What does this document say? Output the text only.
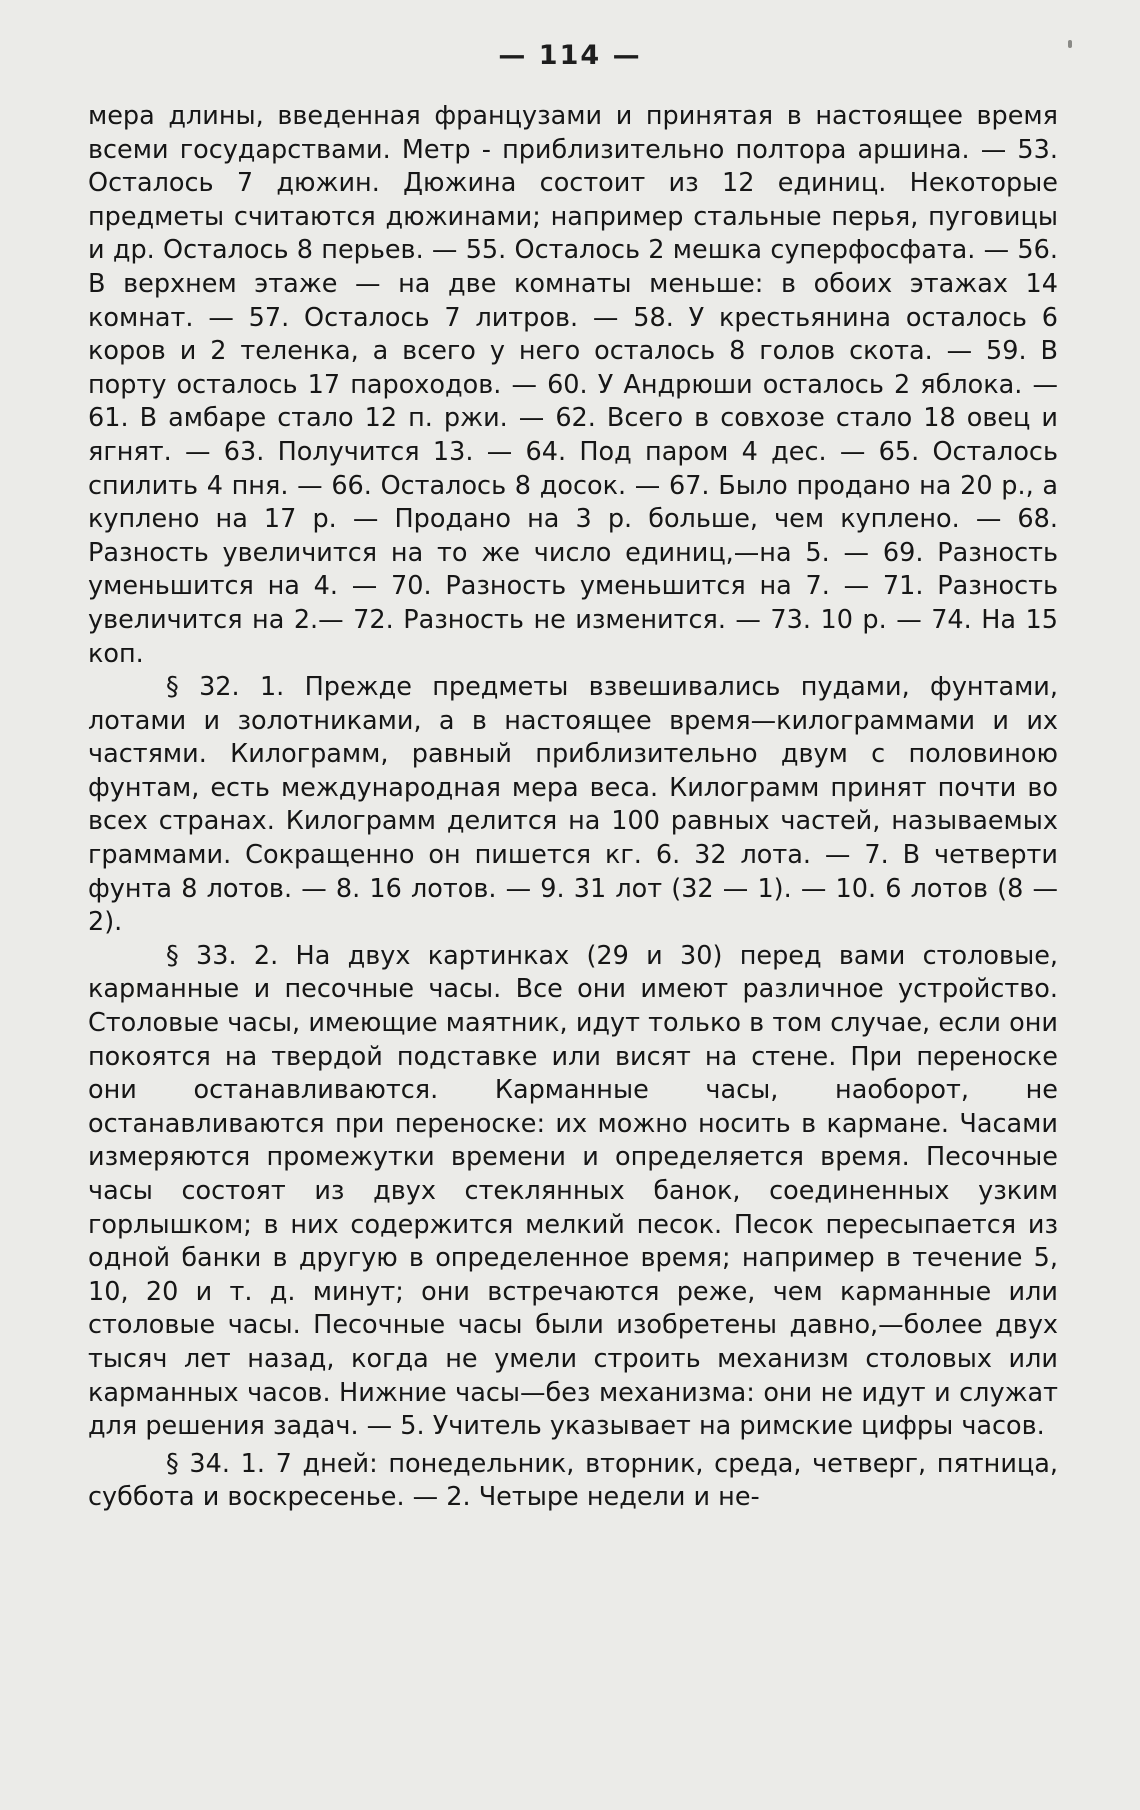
— 114 —

мера длины, введенная французами и принятая в настоящее время всеми государствами. Метр - приблизительно полтора аршина. — 53. Осталось 7 дюжин. Дюжина состоит из 12 единиц. Некоторые предметы считаются дюжинами; например стальные перья, пуговицы и др. Осталось 8 перьев. — 55. Осталось 2 мешка суперфосфата. — 56. В верхнем этаже — на две комнаты меньше: в обоих этажах 14 комнат. — 57. Осталось 7 литров. — 58. У крестьянина осталось 6 коров и 2 теленка, а всего у него осталось 8 голов скота. — 59. В порту осталось 17 пароходов. — 60. У Андрюши осталось 2 яблока. — 61. В амбаре стало 12 п. ржи. — 62. Всего в совхозе стало 18 овец и ягнят. — 63. Получится 13. — 64. Под паром 4 дес. — 65. Осталось спилить 4 пня. — 66. Осталось 8 досок. — 67. Было продано на 20 р., а куплено на 17 р. — Продано на 3 р. больше, чем куплено. — 68. Разность увеличится на то же число единиц,—на 5. — 69. Разность уменьшится на 4. — 70. Разность уменьшится на 7. — 71. Разность увеличится на 2.— 72. Разность не изменится. — 73. 10 р. — 74. На 15 коп.

§ 32. 1. Прежде предметы взвешивались пудами, фунтами, лотами и золотниками, а в настоящее время—килограммами и их частями. Килограмм, равный приблизительно двум с половиною фунтам, есть международная мера веса. Килограмм принят почти во всех странах. Килограмм делится на 100 равных частей, называемых граммами. Сокращенно он пишется кг. 6. 32 лота. — 7. В четверти фунта 8 лотов. — 8. 16 лотов. — 9. 31 лот (32 — 1). — 10. 6 лотов (8 — 2).

§ 33. 2. На двух картинках (29 и 30) перед вами столовые, карманные и песочные часы. Все они имеют различное устройство. Столовые часы, имеющие маятник, идут только в том случае, если они покоятся на твердой подставке или висят на стене. При переноске они останавливаются. Карманные часы, наоборот, не останавливаются при переноске: их можно носить в кармане. Часами измеряются промежутки времени и определяется время. Песочные часы состоят из двух стеклянных банок, соединенных узким горлышком; в них содержится мелкий песок. Песок пересыпается из одной банки в другую в определенное время; например в течение 5, 10, 20 и т. д. минут; они встречаются реже, чем карманные или столовые часы. Песочные часы были изобретены давно,—более двух тысяч лет назад, когда не умели строить механизм столовых или карманных часов. Нижние часы—без механизма: они не идут и служат для решения задач. — 5. Учитель указывает на римские цифры часов.

§ 34. 1. 7 дней: понедельник, вторник, среда, четверг, пятница, суббота и воскресенье. — 2. Четыре недели и не-
